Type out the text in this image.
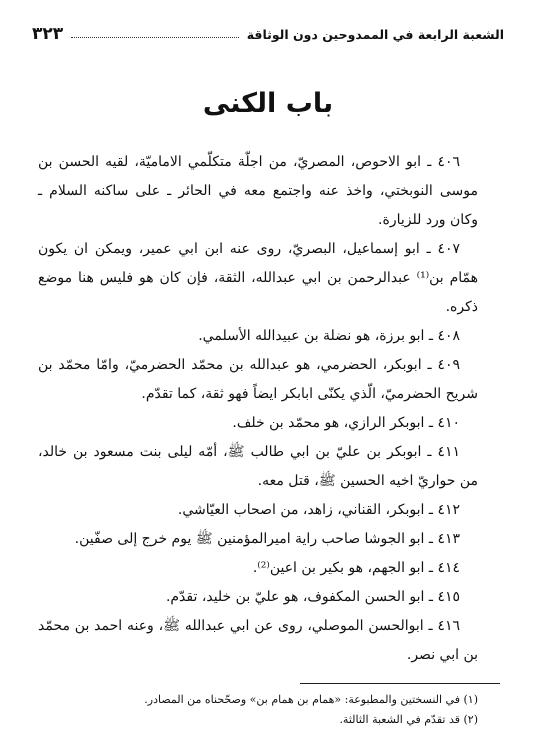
الشعبة الرابعة في الممدوحين دون الوثاقة
٣٢٣
باب الكنى

٤٠٦ ـ ابو الاحوص، المصريّ، من اجلّة متكلّمي الاماميّة، لقيه الحسن بن موسى النوبختي، واخذ عنه واجتمع معه في الحائر ـ على ساكنه السلام ـ وكان ورد للزيارة.

٤٠٧ ـ ابو إسماعيل، البصريّ، روى عنه ابن ابي عمير، ويمكن ان يكون همّام بن⁽¹⁾ عبدالرحمن بن ابي عبدالله، الثقة، فإن كان هو فليس هنا موضع ذكره.

٤٠٨ ـ ابو برزة، هو نضلة بن عبيدالله الأسلمي.

٤٠٩ ـ ابوبكر، الحضرمي، هو عبدالله بن محمّد الحضرميّ، وامّا محمّد بن شريح الحضرميّ، الّذي يكنّى ابابكر ايضاً فهو ثقة، كما تقدّم.

٤١٠ ـ ابوبكر الرازي، هو محمّد بن خلف.

٤١١ ـ ابوبكر بن عليّ بن ابي طالب ﷺ، أمّه ليلى بنت مسعود بن خالد، من حواريّ اخيه الحسين ﷺ، قتل معه.

٤١٢ ـ ابوبكر، القناني، زاهد، من اصحاب العيّاشي.

٤١٣ ـ ابو الجوشا صاحب راية اميرالمؤمنين ﷺ يوم خرج إلى صفّين.

٤١٤ ـ ابو الجهم، هو بكير بن اعين⁽²⁾.

٤١٥ ـ ابو الحسن المكفوف، هو عليّ بن خليد، تقدّم.

٤١٦ ـ ابوالحسن الموصلي، روى عن ابي عبدالله ﷺ، وعنه احمد بن محمّد بن ابي نصر.

(١) في النسختين والمطبوعة: «همام بن همام بن» وصحّحناه من المصادر.

(٢) قد تقدّم في الشعبة الثالثة.
